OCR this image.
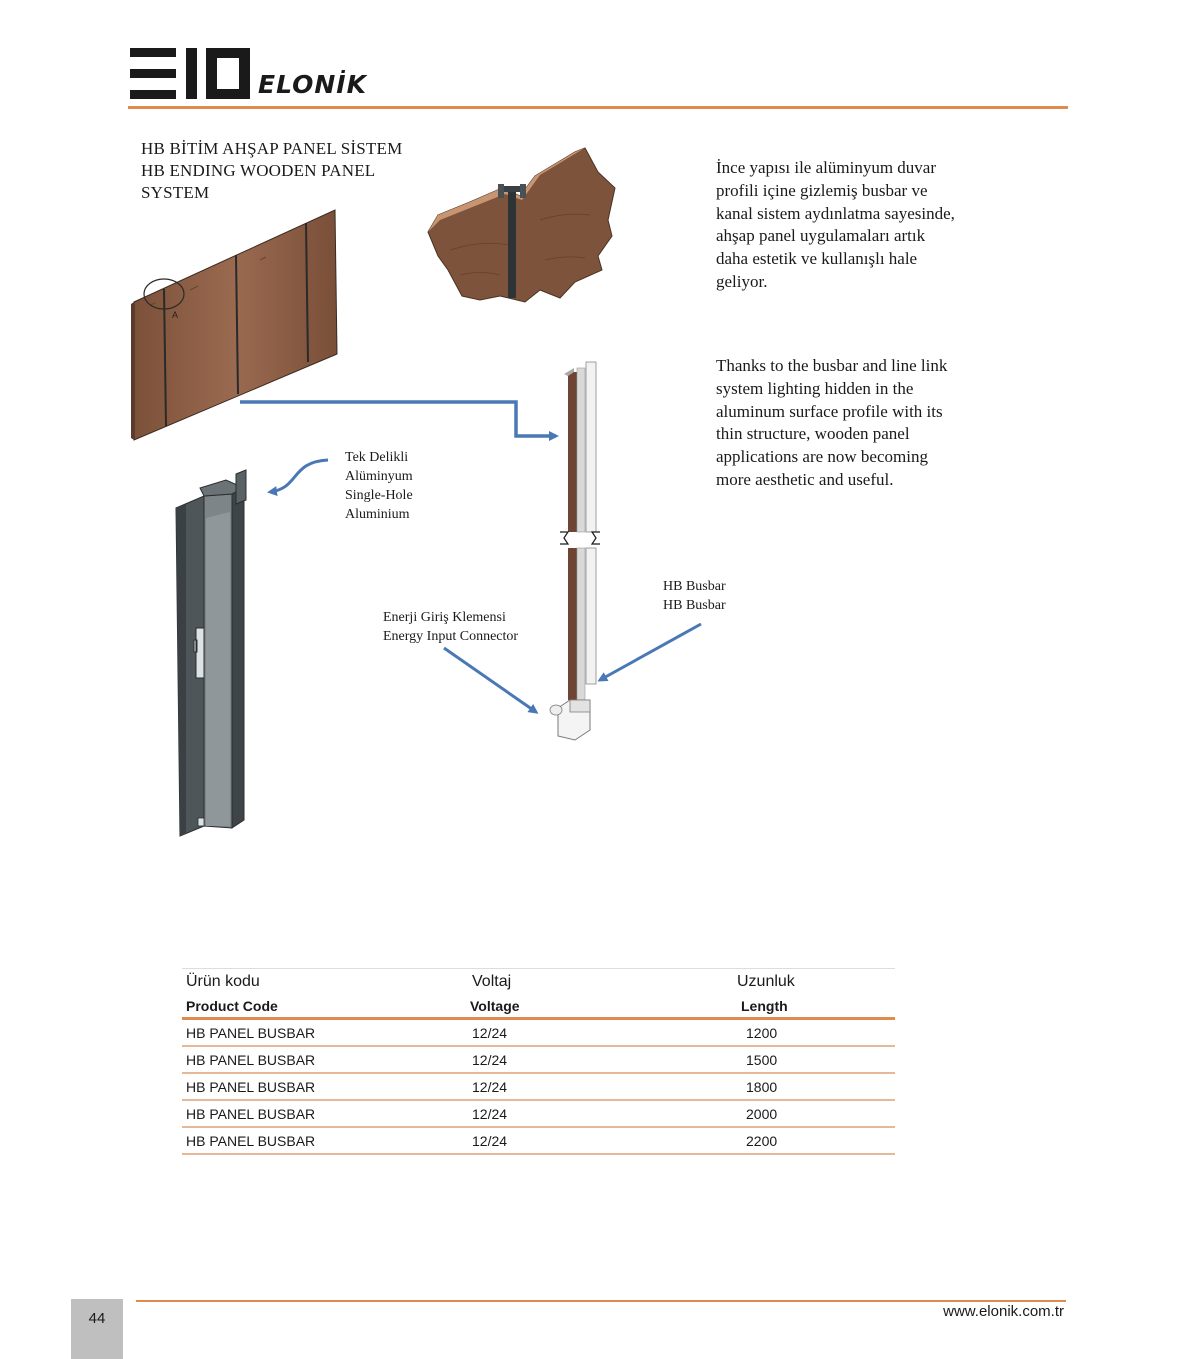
ELONİK
HB BİTİM AHŞAP PANEL SİSTEM
HB ENDING WOODEN PANEL
SYSTEM
A
İnce yapısı ile alüminyum duvar
profili içine gizlemiş busbar ve
kanal sistem aydınlatma sayesinde,
ahşap panel uygulamaları artık
daha estetik ve kullanışlı hale
geliyor.
Thanks to the busbar and line link
system lighting hidden in the
aluminum surface profile with its
thin structure, wooden panel
applications are now becoming
more aesthetic and useful.
Tek Delikli
Alüminyum
Single-Hole
Aluminium
Enerji Giriş Klemensi
Energy Input Connector
HB Busbar
HB Busbar
Ürün kodu	Voltaj	Uzunluk
Product Code	Voltage	Length
HB PANEL BUSBAR	12/24	1200
HB PANEL BUSBAR	12/24	1500
HB PANEL BUSBAR	12/24	1800
HB PANEL BUSBAR	12/24	2000
HB PANEL BUSBAR	12/24	2200
44	www.elonik.com.tr
